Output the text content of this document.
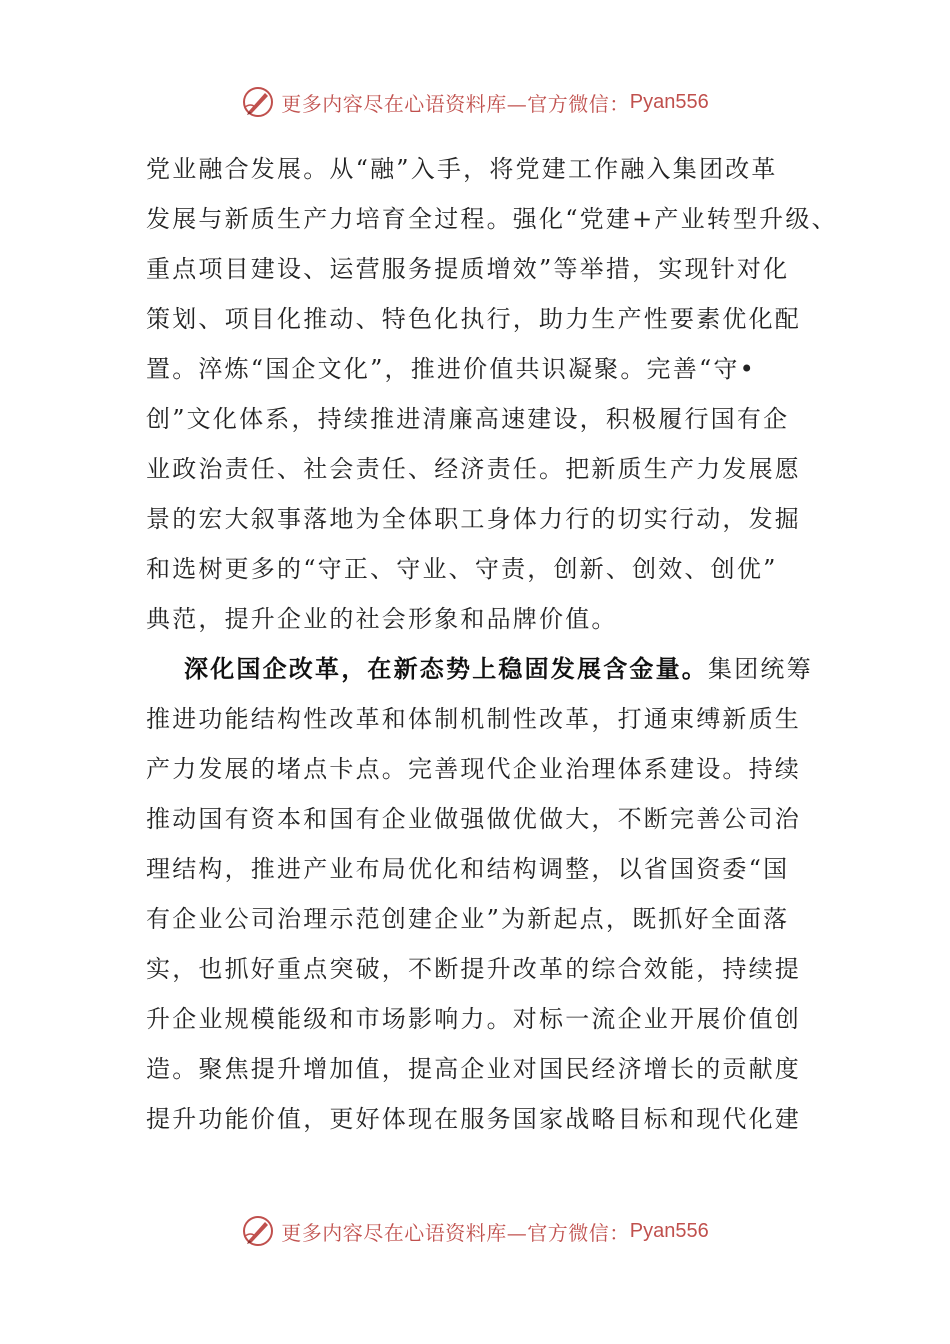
更多内容尽在心语资料库—官方微信： Pyan556
党业融合发展。从“融”入手，将党建工作融入集团改革
发展与新质生产力培育全过程。强化“党建+产业转型升级、
重点项目建设、运营服务提质增效”等举措，实现针对化
策划、项目化推动、特色化执行，助力生产性要素优化配
置。淬炼“国企文化”，推进价值共识凝聚。完善“守•
创”文化体系，持续推进清廉高速建设，积极履行国有企
业政治责任、社会责任、经济责任。把新质生产力发展愿
景的宏大叙事落地为全体职工身体力行的切实行动，发掘
和选树更多的“守正、守业、守责，创新、创效、创优”
典范，提升企业的社会形象和品牌价值。
深化国企改革，在新态势上稳固发展含金量。集团统筹
推进功能结构性改革和体制机制性改革，打通束缚新质生
产力发展的堵点卡点。完善现代企业治理体系建设。持续
推动国有资本和国有企业做强做优做大，不断完善公司治
理结构，推进产业布局优化和结构调整，以省国资委“国
有企业公司治理示范创建企业”为新起点，既抓好全面落
实，也抓好重点突破，不断提升改革的综合效能，持续提
升企业规模能级和市场影响力。对标一流企业开展价值创
造。聚焦提升增加值，提高企业对国民经济增长的贡献度
提升功能价值，更好体现在服务国家战略目标和现代化建
更多内容尽在心语资料库—官方微信： Pyan556
